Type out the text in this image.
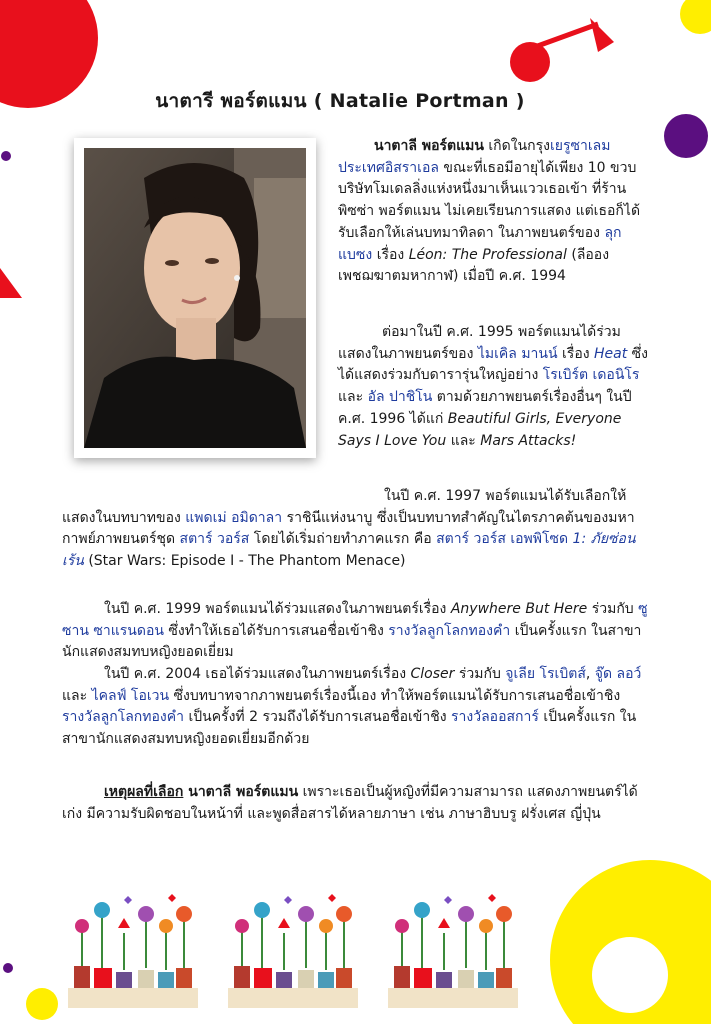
นาตารี พอร์ตแมน ( Natalie Portman )
นาตาลี พอร์ตแมน เกิดในกรุงเยรูซาเลม ประเทศอิสราเอล ขณะที่เธอมีอายุได้เพียง 10 ขวบ บริษัทโมเดลลิ่งแห่งหนึ่งมาเห็นแววเธอเข้า ที่ร้านพิซซ่า พอร์ตแมน ไม่เคยเรียนการแสดง แต่เธอก็ได้รับเลือกให้เล่นบทมาทิลดา ในภาพยนตร์ของ ลุก แบซง เรื่อง Léon: The Professional (ลีออง เพชฌฆาตมหากาฬ) เมื่อปี ค.ศ. 1994
ต่อมาในปี ค.ศ. 1995 พอร์ตแมนได้ร่วมแสดงในภาพยนตร์ของ ไมเคิล มานน์ เรื่อง Heat ซึ่งได้แสดงร่วมกับดารารุ่นใหญ่อย่าง โรเบิร์ต เดอนิโร และ อัล ปาชิโน ตามด้วยภาพยนตร์เรื่องอื่นๆ ในปี ค.ศ. 1996 ได้แก่ Beautiful Girls, Everyone Says I Love You และ Mars Attacks!
ในปี ค.ศ. 1997 พอร์ตแมนได้รับเลือกให้แสดงในบทบาทของ แพดเม่ อมิดาลา ราชินีแห่งนาบู ซึ่งเป็นบทบาทสำคัญในไตรภาคต้นของมหากาพย์ภาพยนตร์ชุด สตาร์ วอร์ส โดยได้เริ่มถ่ายทำภาคแรก คือ สตาร์ วอร์ส เอพพิโซด 1: ภัยซ่อนเร้น (Star Wars: Episode I - The Phantom Menace)
ในปี ค.ศ. 1999 พอร์ตแมนได้ร่วมแสดงในภาพยนตร์เรื่อง Anywhere But Here ร่วมกับ ซูซาน ซาแรนดอน ซึ่งทำให้เธอได้รับการเสนอชื่อเข้าชิง รางวัลลูกโลกทองคำ เป็นครั้งแรก ในสาขานักแสดงสมทบหญิงยอดเยี่ยม
ในปี ค.ศ. 2004 เธอได้ร่วมแสดงในภาพยนตร์เรื่อง Closer ร่วมกับ จูเลีย โรเบิตส์, จู๊ด ลอว์ และ ไคลฟ์ โอเวน ซึ่งบทบาทจากภาพยนตร์เรื่องนี้เอง ทำให้พอร์ตแมนได้รับการเสนอชื่อเข้าชิง รางวัลลูกโลกทองคำ เป็นครั้งที่ 2 รวมถึงได้รับการเสนอชื่อเข้าชิง รางวัลออสการ์ เป็นครั้งแรก ในสาขานักแสดงสมทบหญิงยอดเยี่ยมอีกด้วย
เหตุผลที่เลือก นาตาลี พอร์ตแมน เพราะเธอเป็นผู้หญิงที่มีความสามารถ แสดงภาพยนตร์ได้เก่ง มีความรับผิดชอบในหน้าที่ และพูดสื่อสารได้หลายภาษา เช่น ภาษาฮิบบรู ฝรั่งเศส ญี่ปุ่น
